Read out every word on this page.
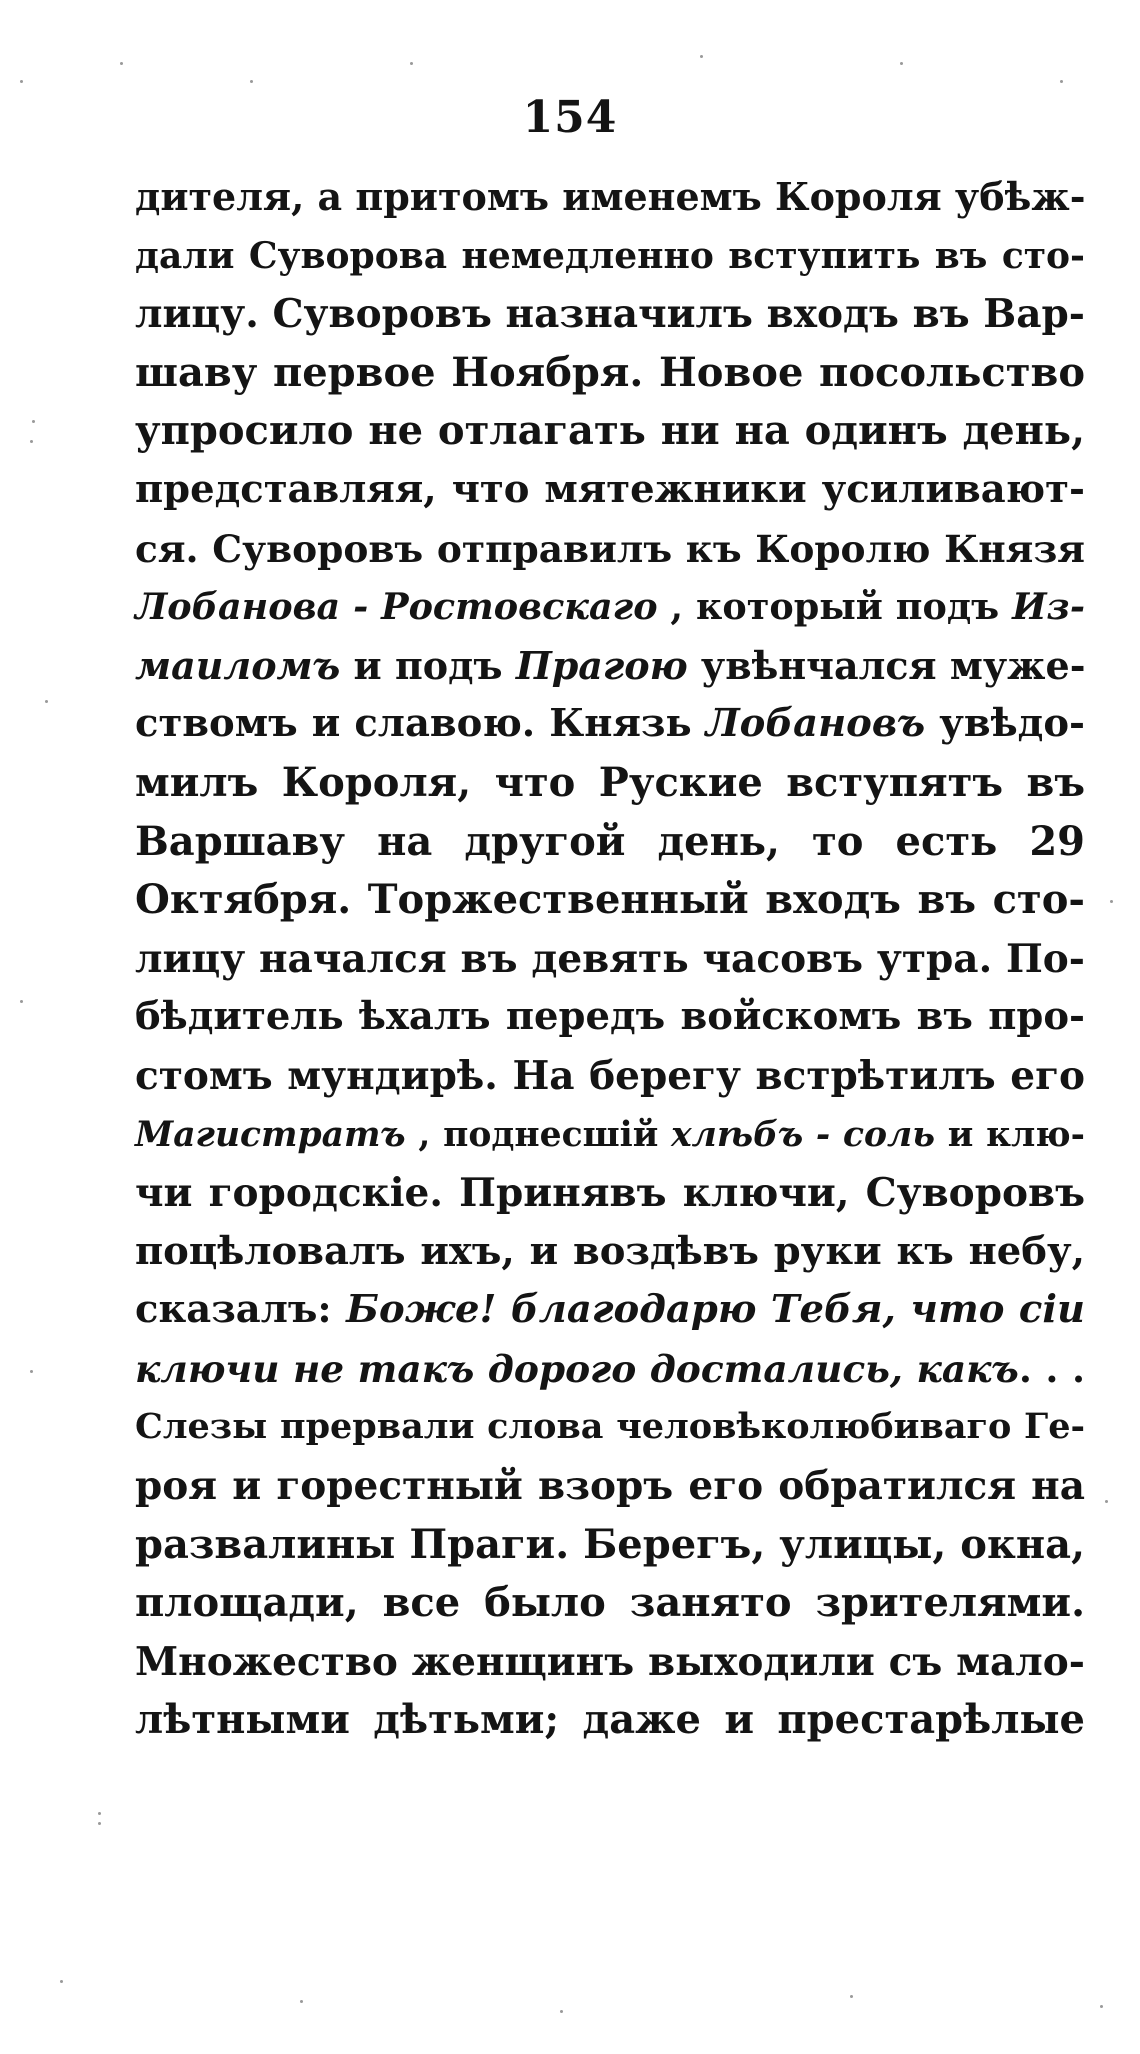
154
дителя, а притомъ именемъ Короля убѣж-
дали Суворова немедленно вступить въ сто-
лицу. Суворовъ назначилъ входъ въ Вар-
шаву первое Ноября. Новое посольство
упросило не отлагать ни на одинъ день,
представляя, что мятежники усиливают-
ся. Суворовъ отправилъ къ Королю Князя
Лобанова - Ростовскаго , который подъ Из-
маиломъ и подъ Прагою увѣнчался муже-
ствомъ и славою. Князь Лобановъ увѣдо-
милъ Короля, что Руские вступятъ въ
Варшаву на другой день, то есть 29
Октября. Торжественный входъ въ сто-
лицу начался въ девять часовъ утра. По-
бѣдитель ѣхалъ передъ войскомъ въ про-
стомъ мундирѣ. На берегу встрѣтилъ его
Магистратъ , поднесшiй хлѣбъ - соль и клю-
чи городскiе. Принявъ ключи, Суворовъ
поцѣловалъ ихъ, и воздѣвъ руки къ небу,
сказалъ: Боже! благодарю Тебя, что сiи
ключи не такъ дорого достались, какъ. . .
Слезы прервали слова человѣколюбиваго Ге-
роя и горестный взоръ его обратился на
развалины Праги. Берегъ, улицы, окна,
площади, все было занято зрителями.
Множество женщинъ выходили съ мало-
лѣтными дѣтьми; даже и престарѣлые
